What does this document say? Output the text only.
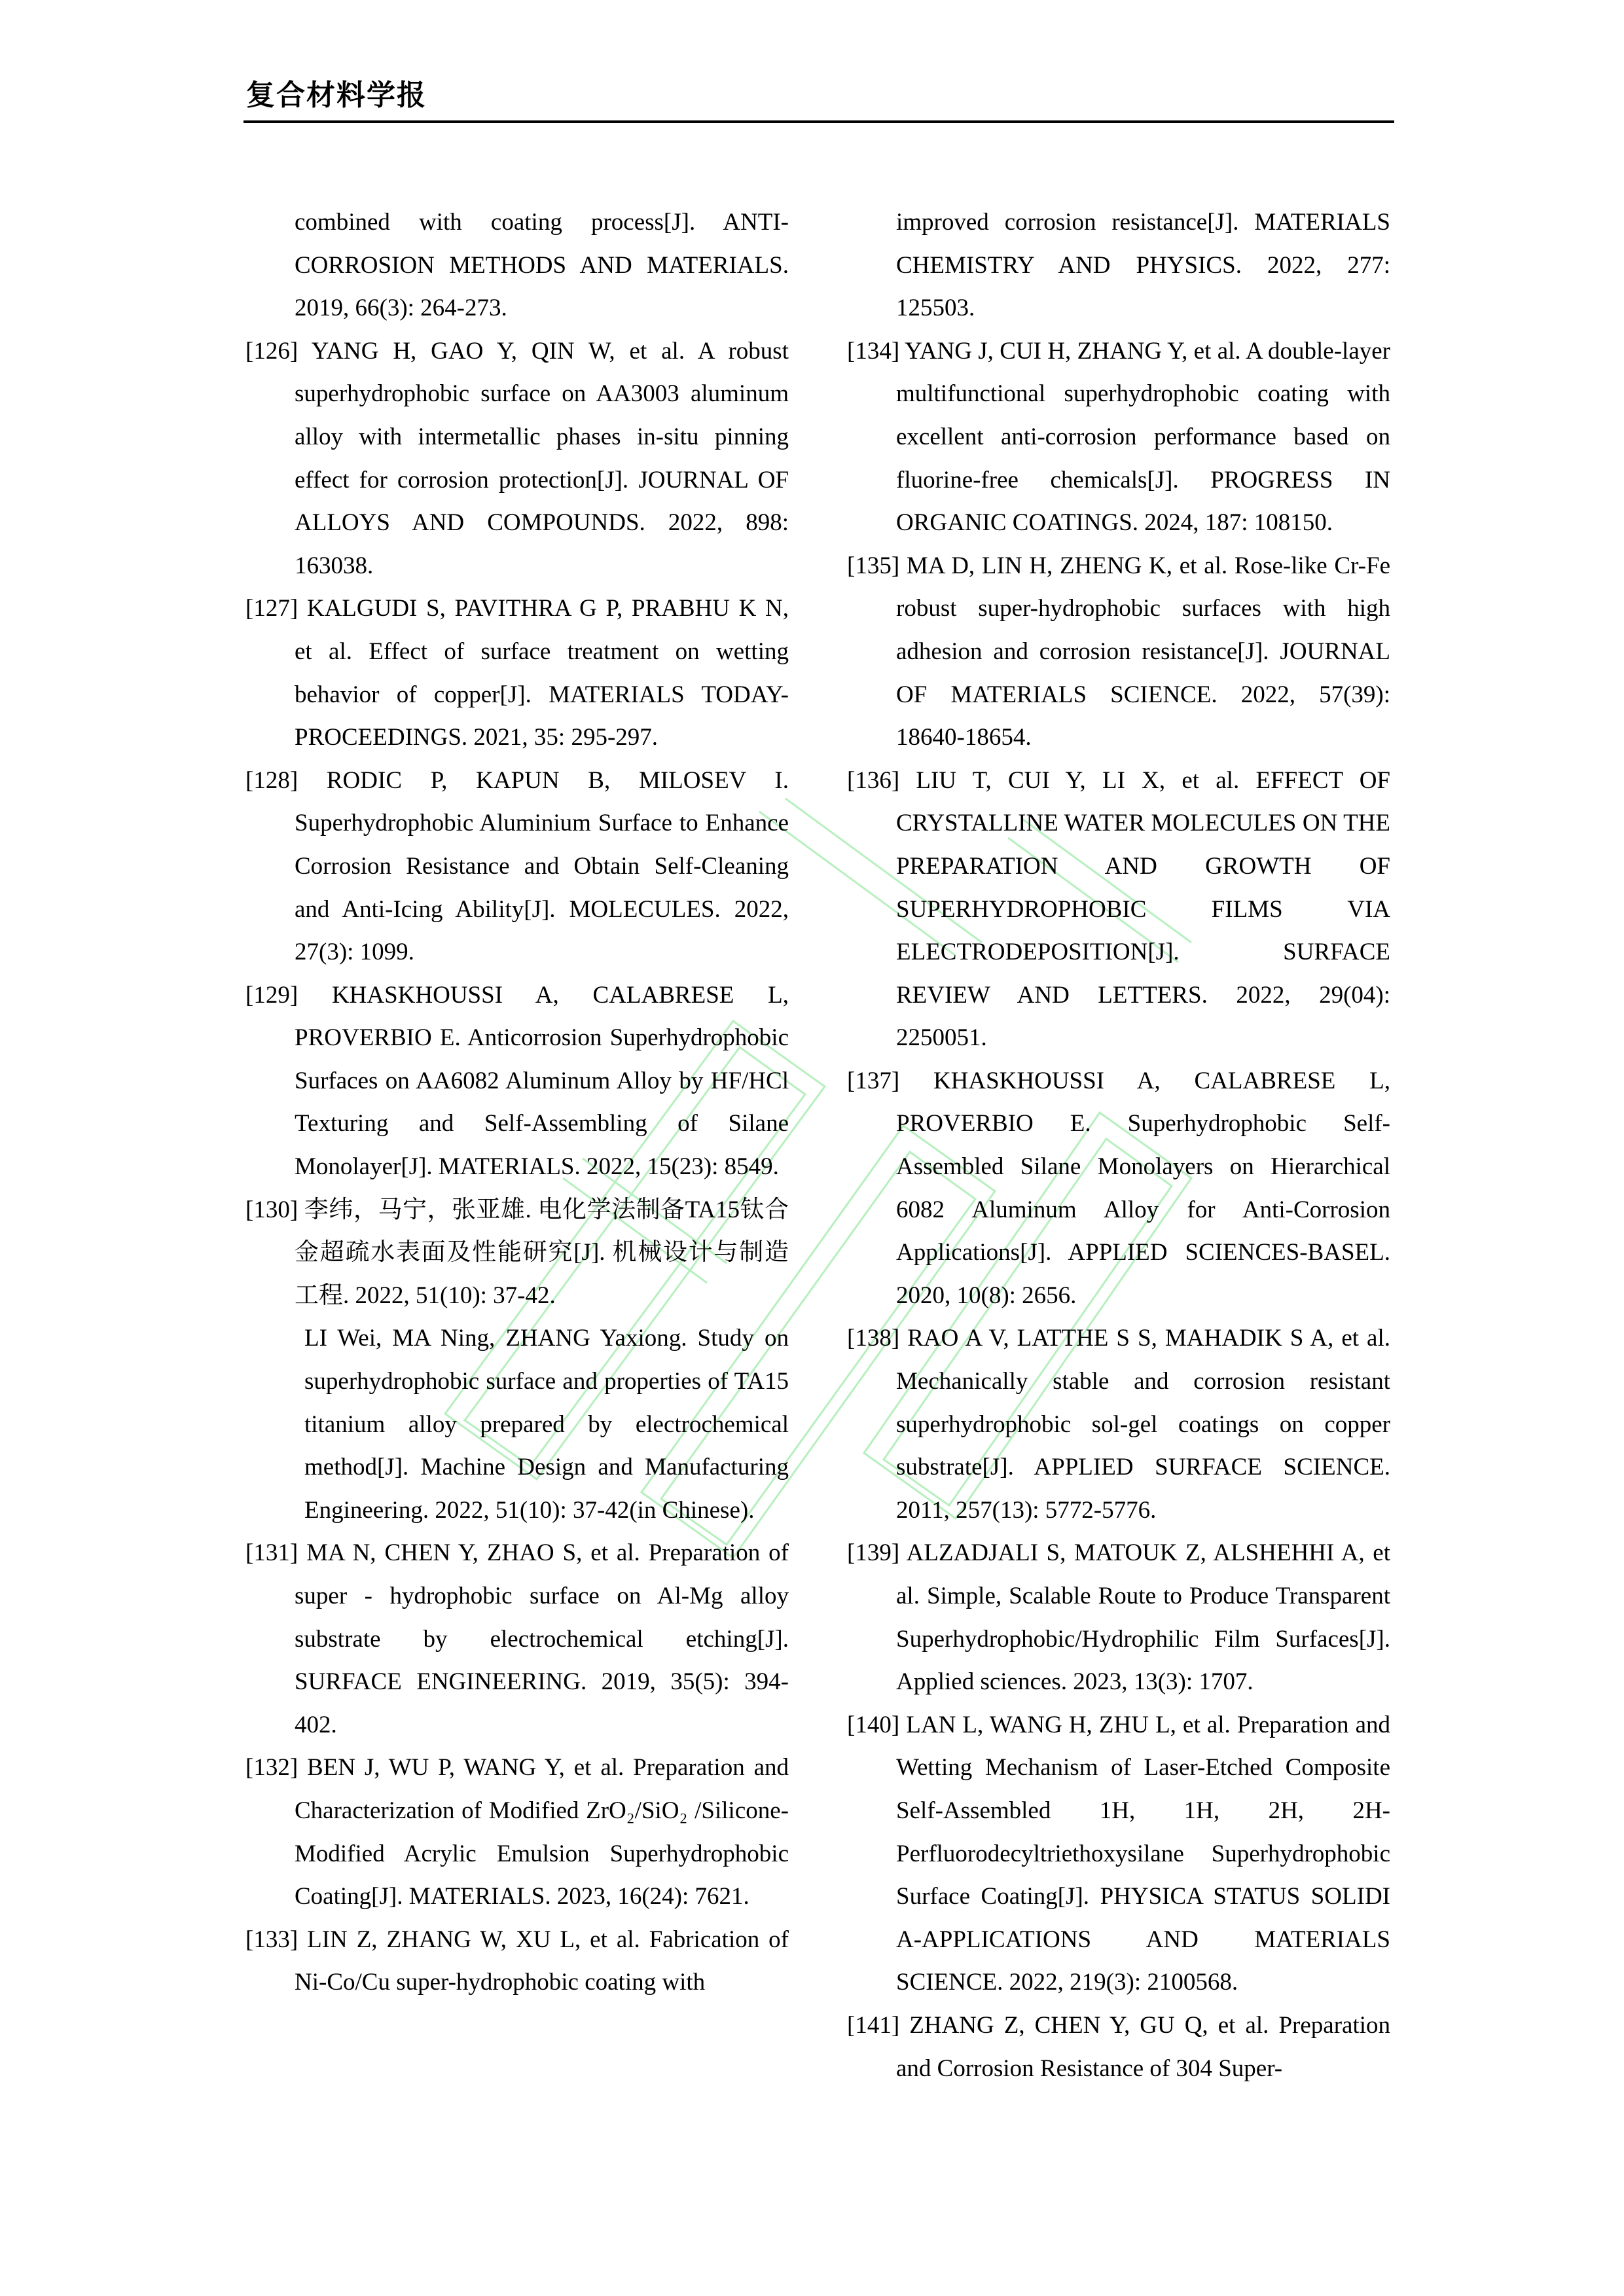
复合材料学报
combined with coating process[J]. ANTI-CORROSION METHODS AND MATERIALS. 2019, 66(3): 264-273.
[126] YANG H, GAO Y, QIN W, et al. A robust superhydrophobic surface on AA3003 aluminum alloy with intermetallic phases in-situ pinning effect for corrosion protection[J]. JOURNAL OF ALLOYS AND COMPOUNDS. 2022, 898: 163038.
[127] KALGUDI S, PAVITHRA G P, PRABHU K N, et al. Effect of surface treatment on wetting behavior of copper[J]. MATERIALS TODAY-PROCEEDINGS. 2021, 35: 295-297.
[128] RODIC P, KAPUN B, MILOSEV I. Superhydrophobic Aluminium Surface to Enhance Corrosion Resistance and Obtain Self-Cleaning and Anti-Icing Ability[J]. MOLECULES. 2022, 27(3): 1099.
[129] KHASKHOUSSI A, CALABRESE L, PROVERBIO E. Anticorrosion Superhydrophobic Surfaces on AA6082 Aluminum Alloy by HF/HCl Texturing and Self-Assembling of Silane Monolayer[J]. MATERIALS. 2022, 15(23): 8549.
[130] 李纬，马宁，张亚雄. 电化学法制备TA15钛合金超疏水表面及性能研究[J]. 机械设计与制造工程. 2022, 51(10): 37-42.
LI Wei, MA Ning, ZHANG Yaxiong. Study on superhydrophobic surface and properties of TA15 titanium alloy prepared by electrochemical method[J]. Machine Design and Manufacturing Engineering. 2022, 51(10): 37-42(in Chinese).
[131] MA N, CHEN Y, ZHAO S, et al. Preparation of super - hydrophobic surface on Al-Mg alloy substrate by electrochemical etching[J]. SURFACE ENGINEERING. 2019, 35(5): 394-402.
[132] BEN J, WU P, WANG Y, et al. Preparation and Characterization of Modified ZrO₂/SiO₂ /Silicone-Modified Acrylic Emulsion Superhydrophobic Coating[J]. MATERIALS. 2023, 16(24): 7621.
[133] LIN Z, ZHANG W, XU L, et al. Fabrication of Ni-Co/Cu super-hydrophobic coating with
improved corrosion resistance[J]. MATERIALS CHEMISTRY AND PHYSICS. 2022, 277: 125503.
[134] YANG J, CUI H, ZHANG Y, et al. A double-layer multifunctional superhydrophobic coating with excellent anti-corrosion performance based on fluorine-free chemicals[J]. PROGRESS IN ORGANIC COATINGS. 2024, 187: 108150.
[135] MA D, LIN H, ZHENG K, et al. Rose-like Cr-Fe robust super-hydrophobic surfaces with high adhesion and corrosion resistance[J]. JOURNAL OF MATERIALS SCIENCE. 2022, 57(39): 18640-18654.
[136] LIU T, CUI Y, LI X, et al. EFFECT OF CRYSTALLINE WATER MOLECULES ON THE PREPARATION AND GROWTH OF SUPERHYDROPHOBIC FILMS VIA ELECTRODEPOSITION[J]. SURFACE REVIEW AND LETTERS. 2022, 29(04): 2250051.
[137] KHASKHOUSSI A, CALABRESE L, PROVERBIO E. Superhydrophobic Self-Assembled Silane Monolayers on Hierarchical 6082 Aluminum Alloy for Anti-Corrosion Applications[J]. APPLIED SCIENCES-BASEL. 2020, 10(8): 2656.
[138] RAO A V, LATTHE S S, MAHADIK S A, et al. Mechanically stable and corrosion resistant superhydrophobic sol-gel coatings on copper substrate[J]. APPLIED SURFACE SCIENCE. 2011, 257(13): 5772-5776.
[139] ALZADJALI S, MATOUK Z, ALSHEHHI A, et al. Simple, Scalable Route to Produce Transparent Superhydrophobic/Hydrophilic Film Surfaces[J]. Applied sciences. 2023, 13(3): 1707.
[140] LAN L, WANG H, ZHU L, et al. Preparation and Wetting Mechanism of Laser-Etched Composite Self-Assembled 1H, 1H, 2H, 2H-Perfluorodecyltriethoxysilane Superhydrophobic Surface Coating[J]. PHYSICA STATUS SOLIDI A-APPLICATIONS AND MATERIALS SCIENCE. 2022, 219(3): 2100568.
[141] ZHANG Z, CHEN Y, GU Q, et al. Preparation and Corrosion Resistance of 304 Super-
